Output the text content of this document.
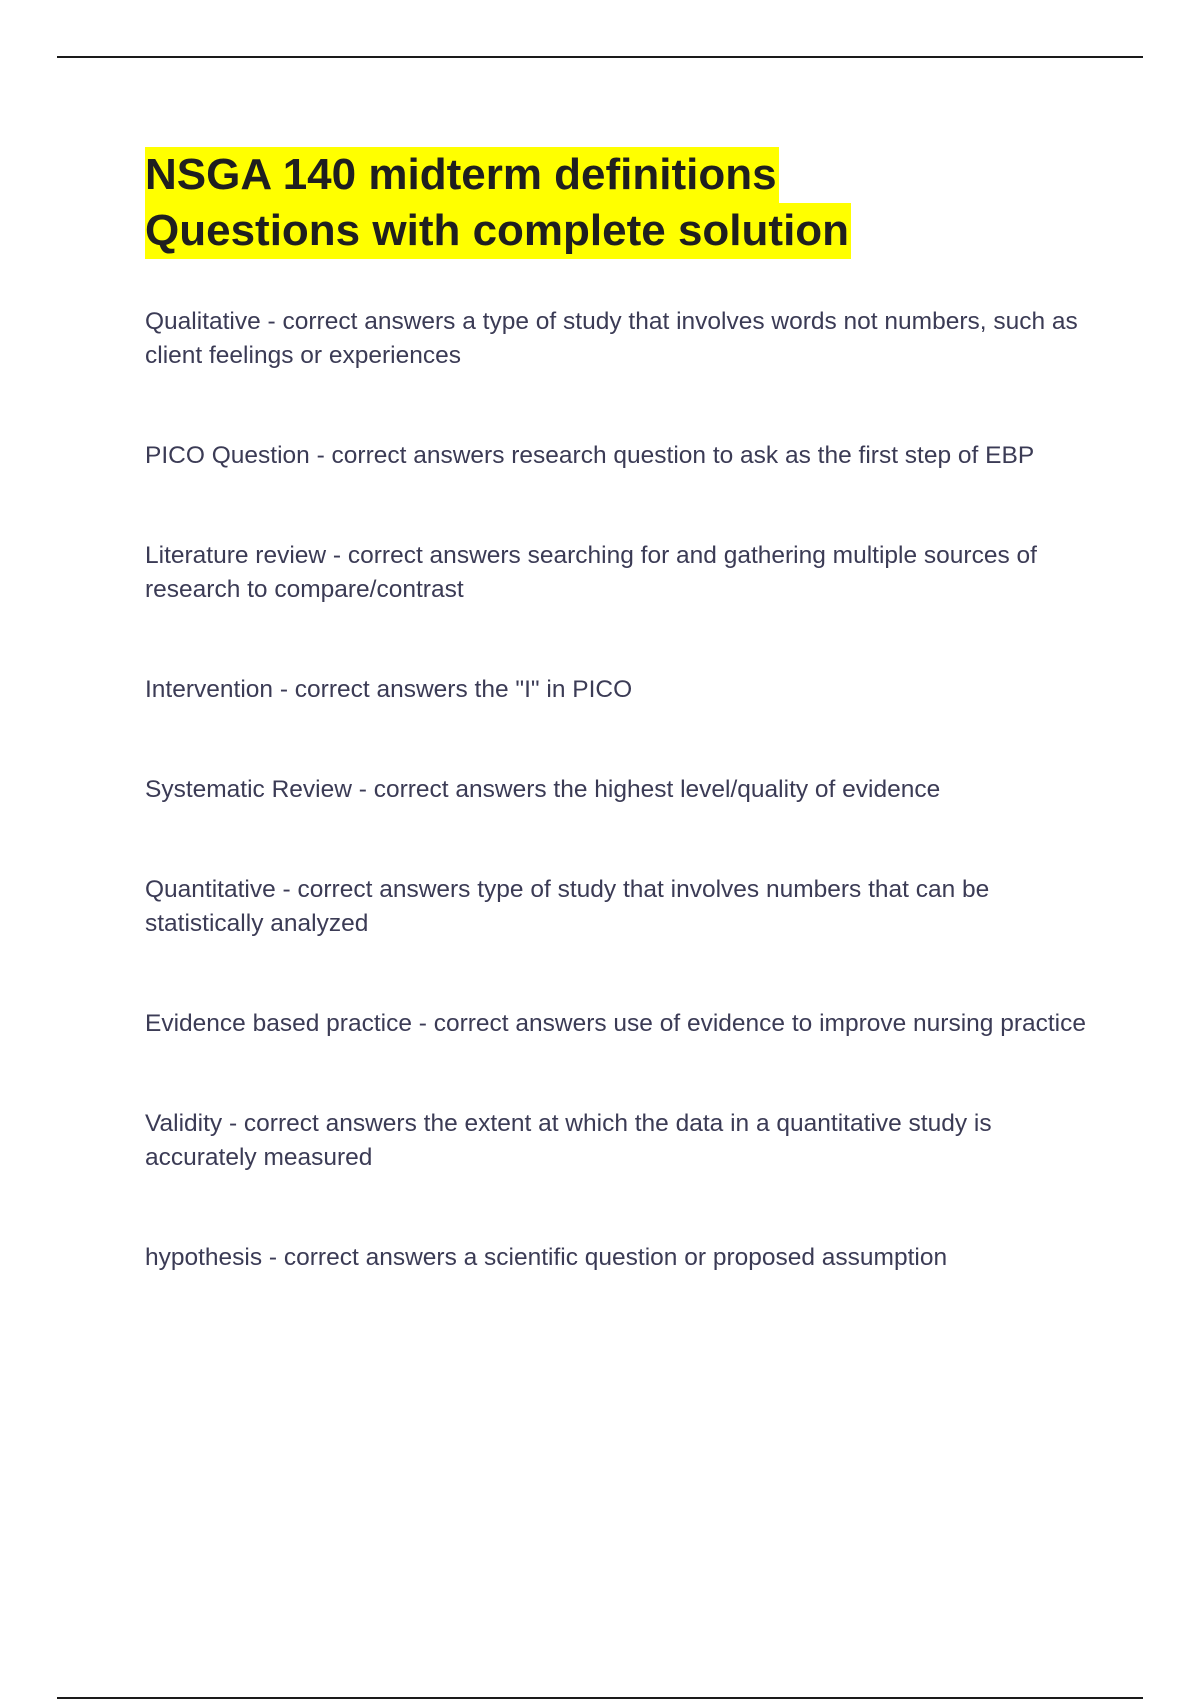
NSGA 140 midterm definitions
Questions with complete solution

Qualitative - correct answers a type of study that involves words not numbers, such as client feelings or experiences

PICO Question - correct answers research question to ask as the first step of EBP

Literature review - correct answers searching for and gathering multiple sources of research to compare/contrast

Intervention - correct answers the "I" in PICO

Systematic Review - correct answers the highest level/quality of evidence

Quantitative - correct answers type of study that involves numbers that can be statistically analyzed

Evidence based practice - correct answers use of evidence to improve nursing practice

Validity - correct answers the extent at which the data in a quantitative study is accurately measured

hypothesis - correct answers a scientific question or proposed assumption
